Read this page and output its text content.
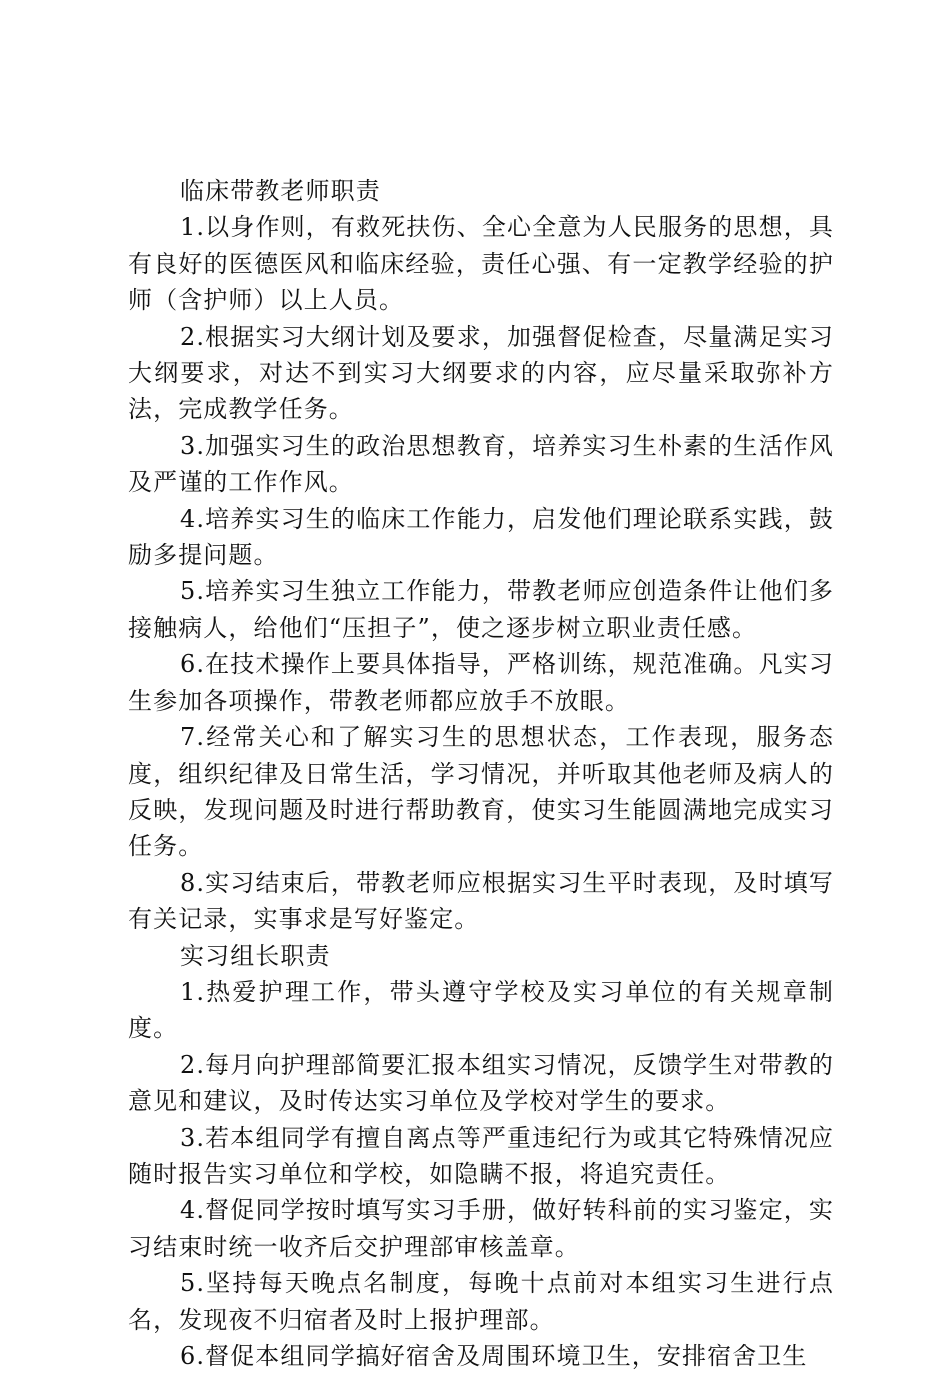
临床带教老师职责

1.以身作则，有救死扶伤、全心全意为人民服务的思想，具有良好的医德医风和临床经验，责任心强、有一定教学经验的护师（含护师）以上人员。

2.根据实习大纲计划及要求，加强督促检查，尽量满足实习大纲要求，对达不到实习大纲要求的内容，应尽量采取弥补方法，完成教学任务。

3.加强实习生的政治思想教育，培养实习生朴素的生活作风及严谨的工作作风。

4.培养实习生的临床工作能力，启发他们理论联系实践，鼓励多提问题。

5.培养实习生独立工作能力，带教老师应创造条件让他们多接触病人，给他们“压担子”，使之逐步树立职业责任感。

6.在技术操作上要具体指导，严格训练，规范准确。凡实习生参加各项操作，带教老师都应放手不放眼。

7.经常关心和了解实习生的思想状态，工作表现，服务态度，组织纪律及日常生活，学习情况，并听取其他老师及病人的反映，发现问题及时进行帮助教育，使实习生能圆满地完成实习任务。

8.实习结束后，带教老师应根据实习生平时表现，及时填写有关记录，实事求是写好鉴定。

实习组长职责

1.热爱护理工作，带头遵守学校及实习单位的有关规章制度。

2.每月向护理部简要汇报本组实习情况，反馈学生对带教的意见和建议，及时传达实习单位及学校对学生的要求。

3.若本组同学有擅自离点等严重违纪行为或其它特殊情况应随时报告实习单位和学校，如隐瞒不报，将追究责任。

4.督促同学按时填写实习手册，做好转科前的实习鉴定，实习结束时统一收齐后交护理部审核盖章。

5.坚持每天晚点名制度，每晚十点前对本组实习生进行点名，发现夜不归宿者及时上报护理部。

6.督促本组同学搞好宿舍及周围环境卫生，安排宿舍卫生
